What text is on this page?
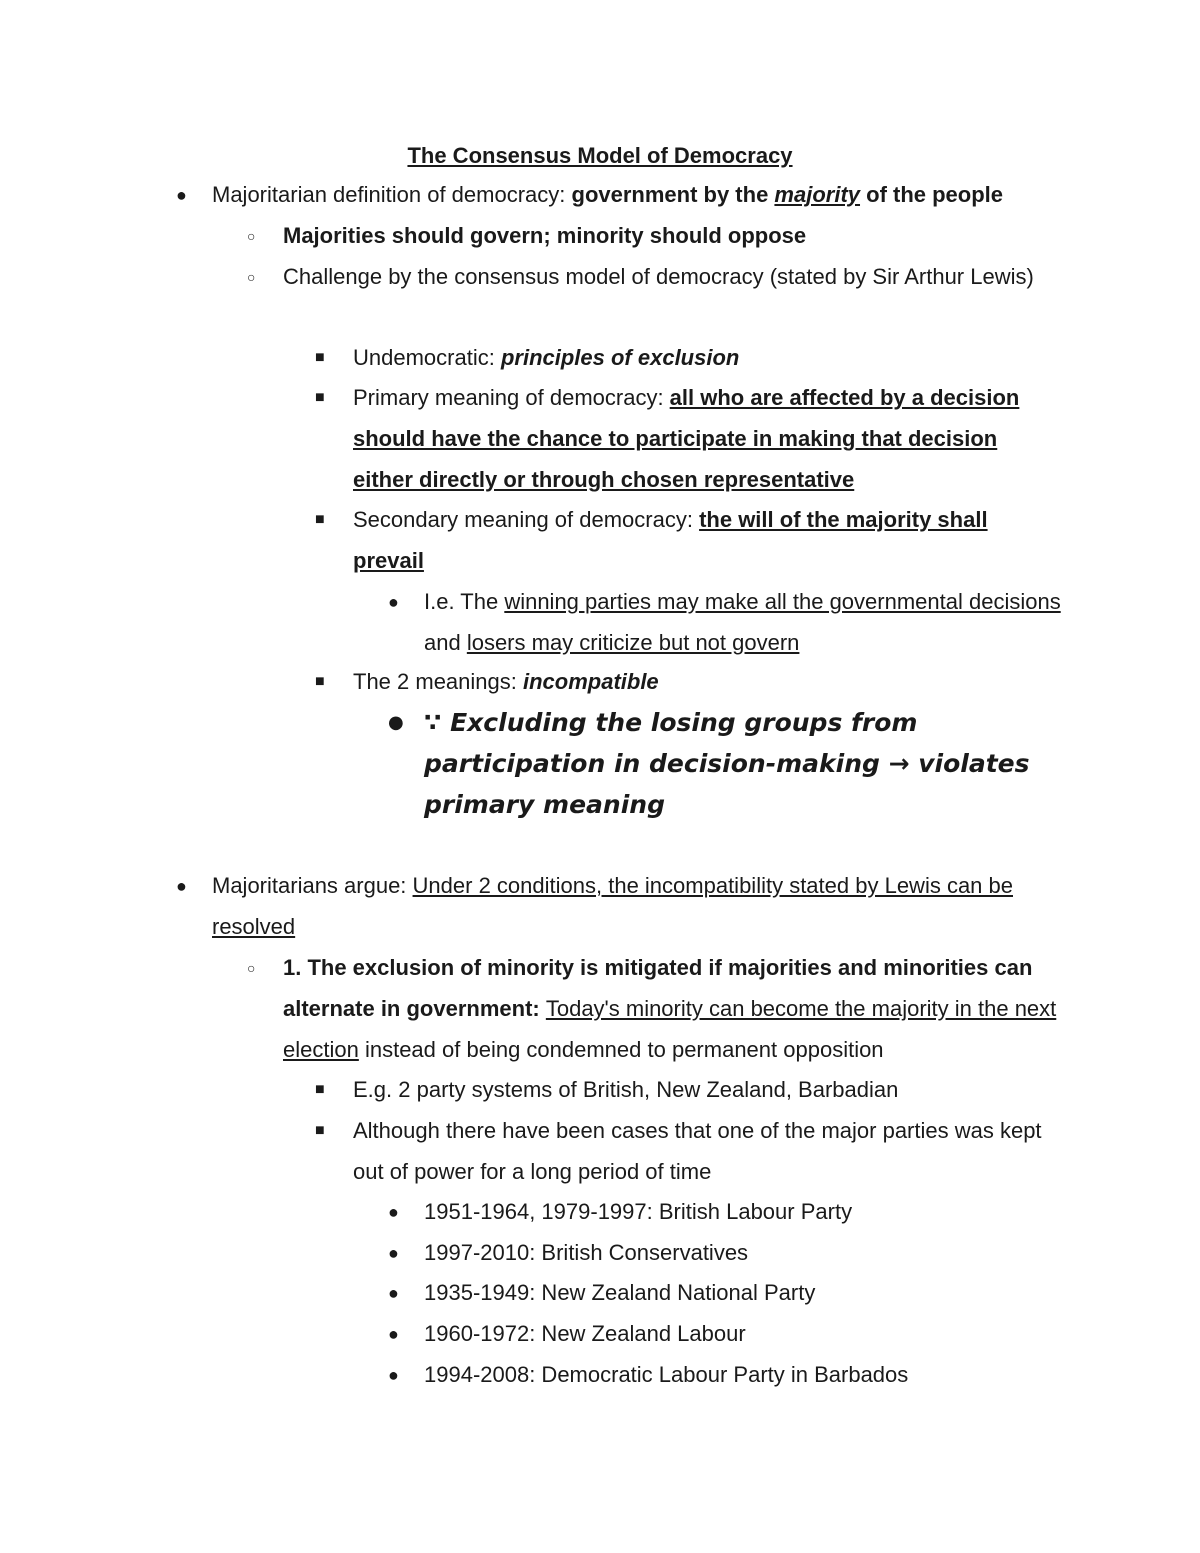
The Consensus Model of Democracy
● Majoritarian definition of democracy: government by the majority of the people
○ Majorities should govern; minority should oppose
○ Challenge by the consensus model of democracy (stated by Sir Arthur Lewis)
■ Undemocratic: principles of exclusion
■ Primary meaning of democracy: all who are affected by a decision should have the chance to participate in making that decision either directly or through chosen representative
■ Secondary meaning of democracy: the will of the majority shall prevail
● I.e. The winning parties may make all the governmental decisions and losers may criticize but not govern
■ The 2 meanings: incompatible
● ∵ Excluding the losing groups from participation in decision-making → violates primary meaning
● Majoritarians argue: Under 2 conditions, the incompatibility stated by Lewis can be resolved
○ 1. The exclusion of minority is mitigated if majorities and minorities can alternate in government: Today's minority can become the majority in the next election instead of being condemned to permanent opposition
■ E.g. 2 party systems of British, New Zealand, Barbadian
■ Although there have been cases that one of the major parties was kept out of power for a long period of time
● 1951-1964, 1979-1997: British Labour Party
● 1997-2010: British Conservatives
● 1935-1949: New Zealand National Party
● 1960-1972: New Zealand Labour
● 1994-2008: Democratic Labour Party in Barbados
